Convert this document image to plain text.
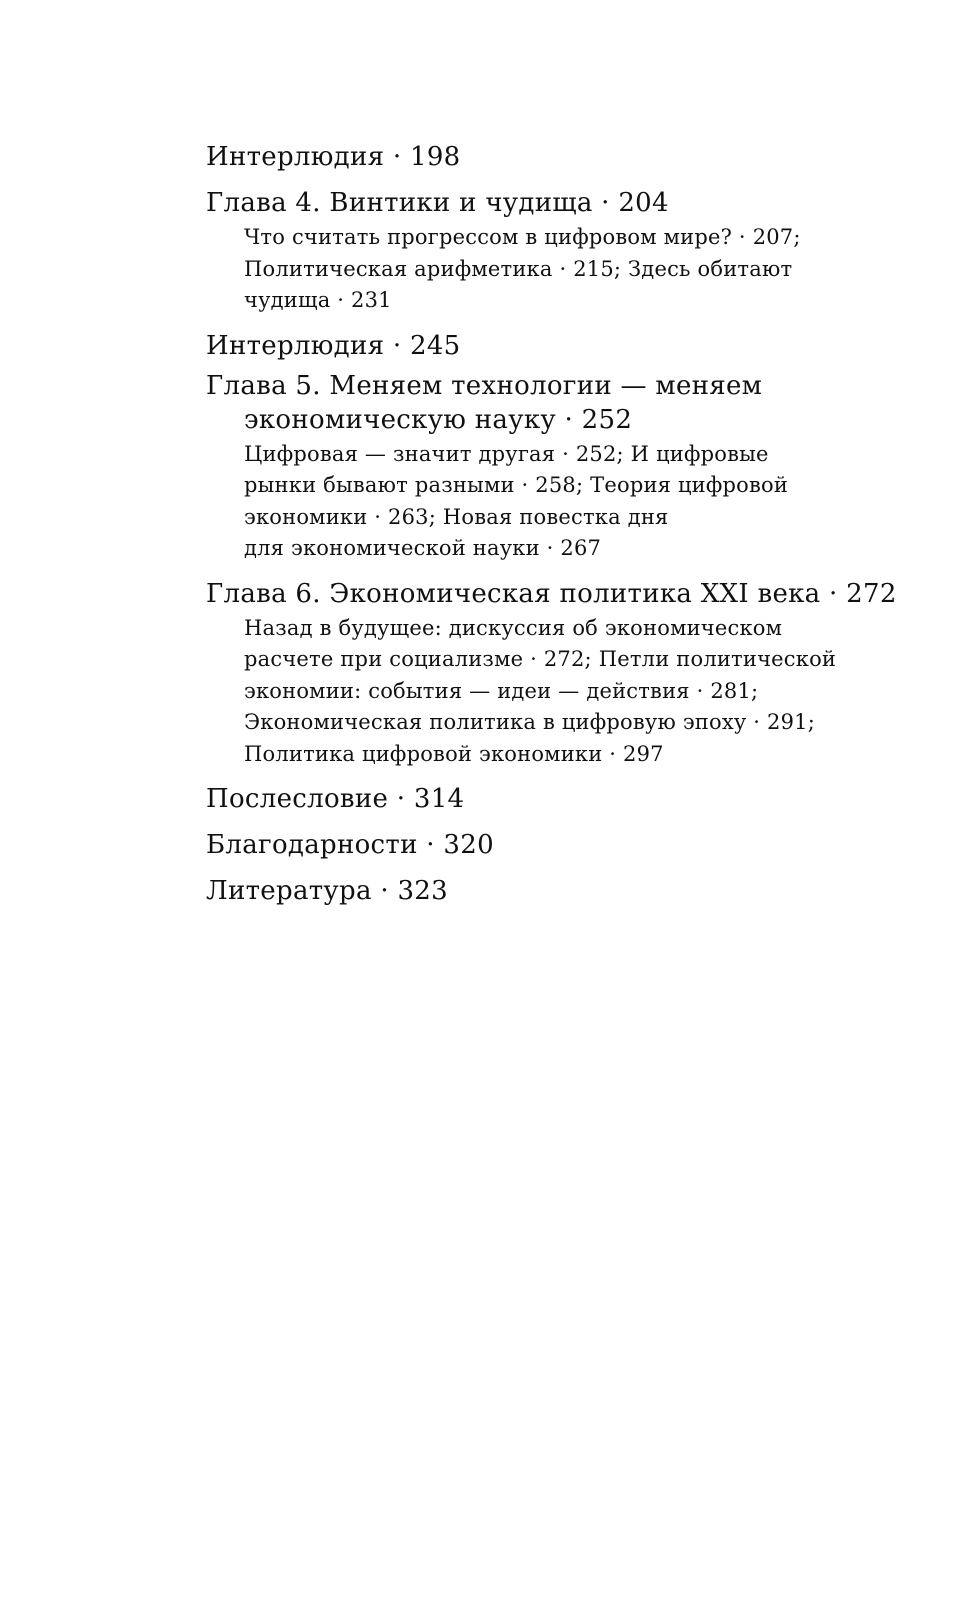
Интерлюдия · 198
Глава 4. Винтики и чудища · 204
Что считать прогрессом в цифровом мире? · 207;
Политическая арифметика · 215; Здесь обитают
чудища · 231
Интерлюдия · 245
Глава 5. Меняем технологии — меняем
экономическую науку · 252
Цифровая — значит другая · 252; И цифровые
рынки бывают разными · 258; Теория цифровой
экономики · 263; Новая повестка дня
для экономической науки · 267
Глава 6. Экономическая политика XXI века · 272
Назад в будущее: дискуссия об экономическом
расчете при социализме · 272; Петли политической
экономии: события — идеи — действия · 281;
Экономическая политика в цифровую эпоху · 291;
Политика цифровой экономики · 297
Послесловие · 314
Благодарности · 320
Литература · 323
